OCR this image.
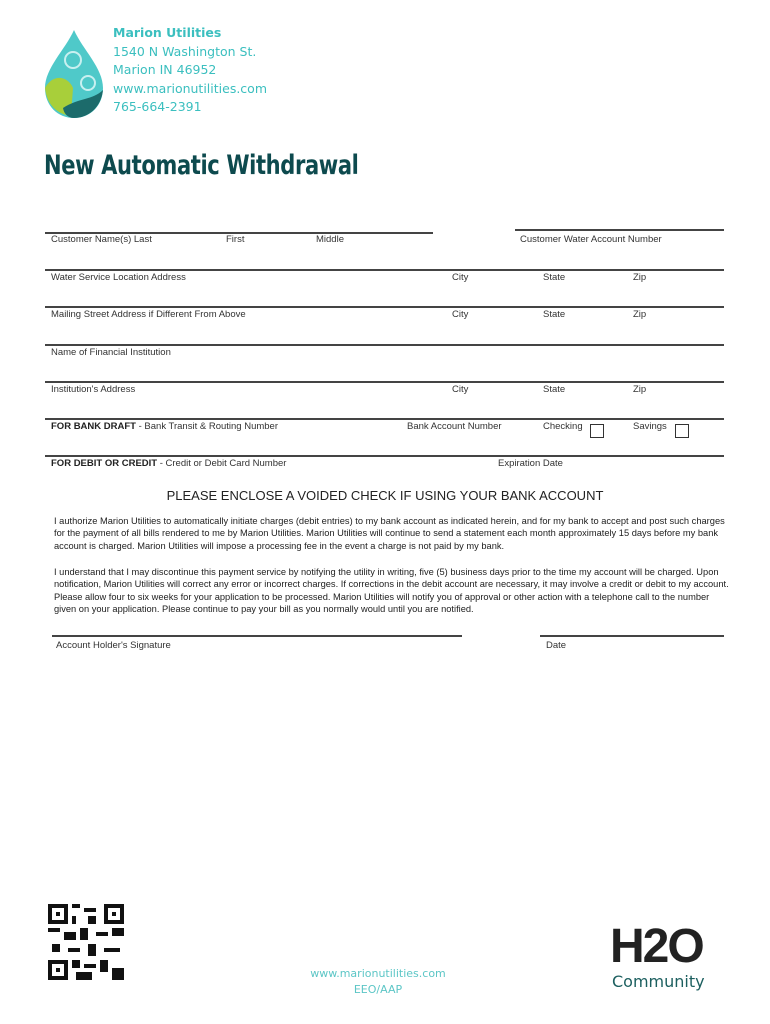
Marion Utilities
1540 N Washington St.
Marion IN 46952
www.marionutilities.com
765-664-2391
New Automatic Withdrawal
Customer Name(s) Last	First	Middle	Customer Water Account Number
Water Service Location Address	City	State	Zip
Mailing Street Address if Different From Above	City	State	Zip
Name of Financial Institution
Institution's Address	City	State	Zip
FOR BANK DRAFT - Bank Transit & Routing Number	Bank Account Number	Checking	Savings
FOR DEBIT OR CREDIT - Credit or Debit Card Number	Expiration Date
PLEASE ENCLOSE A VOIDED CHECK IF USING YOUR BANK ACCOUNT
I authorize Marion Utilities to automatically initiate charges (debit entries) to my bank account as indicated herein, and for my bank to accept and post such charges for the payment of all bills rendered to me by Marion Utilities. Marion Utilities will continue to send a statement each month approximately 15 days before my bank account is charged. Marion Utilities will impose a processing fee in the event a charge is not paid by my bank.
I understand that I may discontinue this payment service by notifying the utility in writing, five (5) business days prior to the time my account will be charged. Upon notification, Marion Utilities will correct any error or incorrect charges. If corrections in the debit account are necessary, it may involve a credit or debit to my account. Please allow four to six weeks for your application to be processed. Marion Utilities will notify you of approval or other action with a telephone call to the number given on your application. Please continue to pay your bill as you normally would until you are notified.
Account Holder's Signature	Date
www.marionutilities.com
EEO/AAP
H2O
Community
